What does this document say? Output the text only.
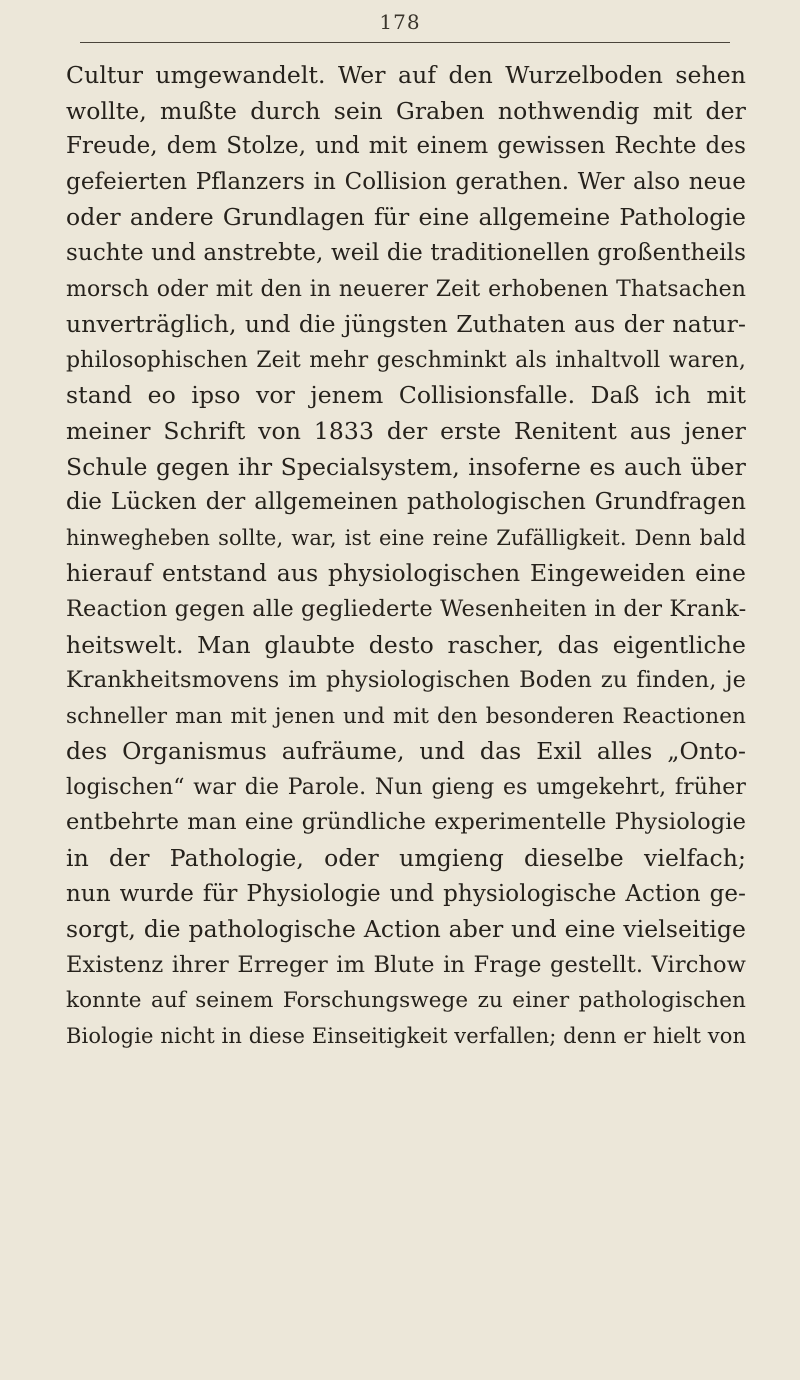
178
Cultur umgewandelt. Wer auf den Wurzelboden sehen
wollte, mußte durch sein Graben nothwendig mit der
Freude, dem Stolze, und mit einem gewissen Rechte des
gefeierten Pflanzers in Collision gerathen. Wer also neue
oder andere Grundlagen für eine allgemeine Pathologie
suchte und anstrebte, weil die traditionellen großentheils
morsch oder mit den in neuerer Zeit erhobenen Thatsachen
unverträglich, und die jüngsten Zuthaten aus der natur-
philosophischen Zeit mehr geschminkt als inhaltvoll waren,
stand eo ipso vor jenem Collisionsfalle. Daß ich mit
meiner Schrift von 1833 der erste Renitent aus jener
Schule gegen ihr Specialsystem, insoferne es auch über
die Lücken der allgemeinen pathologischen Grundfragen
hinwegheben sollte, war, ist eine reine Zufälligkeit. Denn bald
hierauf entstand aus physiologischen Eingeweiden eine
Reaction gegen alle gegliederte Wesenheiten in der Krank-
heitswelt. Man glaubte desto rascher, das eigentliche
Krankheitsmovens im physiologischen Boden zu finden, je
schneller man mit jenen und mit den besonderen Reactionen
des Organismus aufräume, und das Exil alles „Onto-
logischen“ war die Parole. Nun gieng es umgekehrt, früher
entbehrte man eine gründliche experimentelle Physiologie
in der Pathologie, oder umgieng dieselbe vielfach;
nun wurde für Physiologie und physiologische Action ge-
sorgt, die pathologische Action aber und eine vielseitige
Existenz ihrer Erreger im Blute in Frage gestellt. Virchow
konnte auf seinem Forschungswege zu einer pathologischen
Biologie nicht in diese Einseitigkeit verfallen; denn er hielt von
